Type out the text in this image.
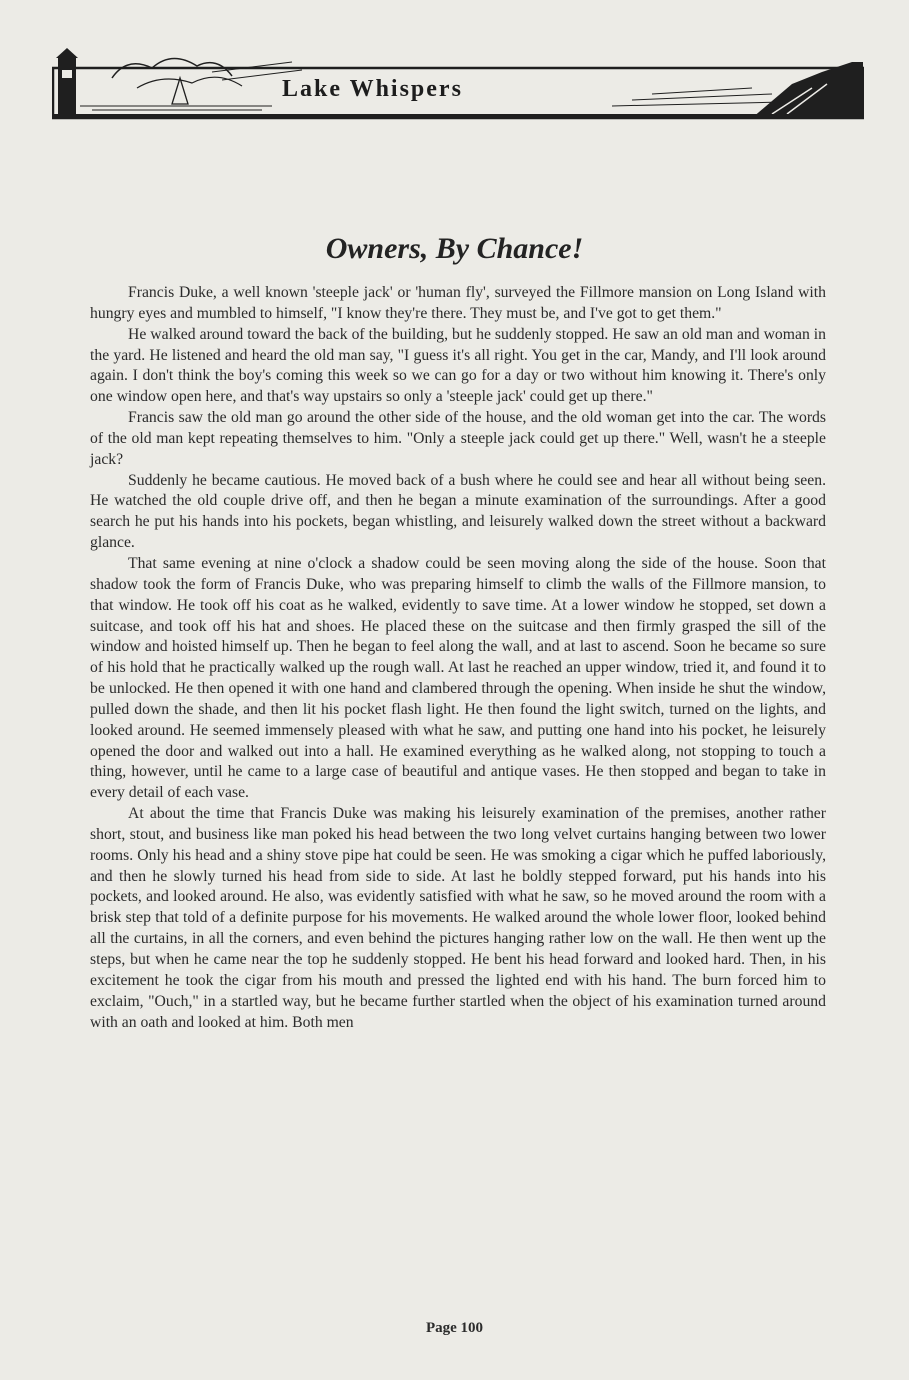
Lake Whispers
Owners, By Chance!

Francis Duke, a well known 'steeple jack' or 'human fly', surveyed the Fillmore mansion on Long Island with hungry eyes and mumbled to himself, "I know they're there. They must be, and I've got to get them."

He walked around toward the back of the building, but he suddenly stopped. He saw an old man and woman in the yard. He listened and heard the old man say, "I guess it's all right. You get in the car, Mandy, and I'll look around again. I don't think the boy's coming this week so we can go for a day or two without him knowing it. There's only one window open here, and that's way upstairs so only a 'steeple jack' could get up there."

Francis saw the old man go around the other side of the house, and the old woman get into the car. The words of the old man kept repeating themselves to him. "Only a steeple jack could get up there." Well, wasn't he a steeple jack?

Suddenly he became cautious. He moved back of a bush where he could see and hear all without being seen. He watched the old couple drive off, and then he began a minute examination of the surroundings. After a good search he put his hands into his pockets, began whistling, and leisurely walked down the street without a backward glance.

That same evening at nine o'clock a shadow could be seen moving along the side of the house. Soon that shadow took the form of Francis Duke, who was preparing himself to climb the walls of the Fillmore mansion, to that window. He took off his coat as he walked, evidently to save time. At a lower window he stopped, set down a suitcase, and took off his hat and shoes. He placed these on the suitcase and then firmly grasped the sill of the window and hoisted himself up. Then he began to feel along the wall, and at last to ascend. Soon he became so sure of his hold that he practically walked up the rough wall. At last he reached an upper window, tried it, and found it to be unlocked. He then opened it with one hand and clambered through the opening. When inside he shut the window, pulled down the shade, and then lit his pocket flash light. He then found the light switch, turned on the lights, and looked around. He seemed immensely pleased with what he saw, and putting one hand into his pocket, he leisurely opened the door and walked out into a hall. He examined everything as he walked along, not stopping to touch a thing, however, until he came to a large case of beautiful and antique vases. He then stopped and began to take in every detail of each vase.

At about the time that Francis Duke was making his leisurely examination of the premises, another rather short, stout, and business like man poked his head between the two long velvet curtains hanging between two lower rooms. Only his head and a shiny stove pipe hat could be seen. He was smoking a cigar which he puffed laboriously, and then he slowly turned his head from side to side. At last he boldly stepped forward, put his hands into his pockets, and looked around. He also, was evidently satisfied with what he saw, so he moved around the room with a brisk step that told of a definite purpose for his movements. He walked around the whole lower floor, looked behind all the curtains, in all the corners, and even behind the pictures hanging rather low on the wall. He then went up the steps, but when he came near the top he suddenly stopped. He bent his head forward and looked hard. Then, in his excitement he took the cigar from his mouth and pressed the lighted end with his hand. The burn forced him to exclaim, "Ouch," in a startled way, but he became further startled when the object of his examination turned around with an oath and looked at him. Both men

Page 100
